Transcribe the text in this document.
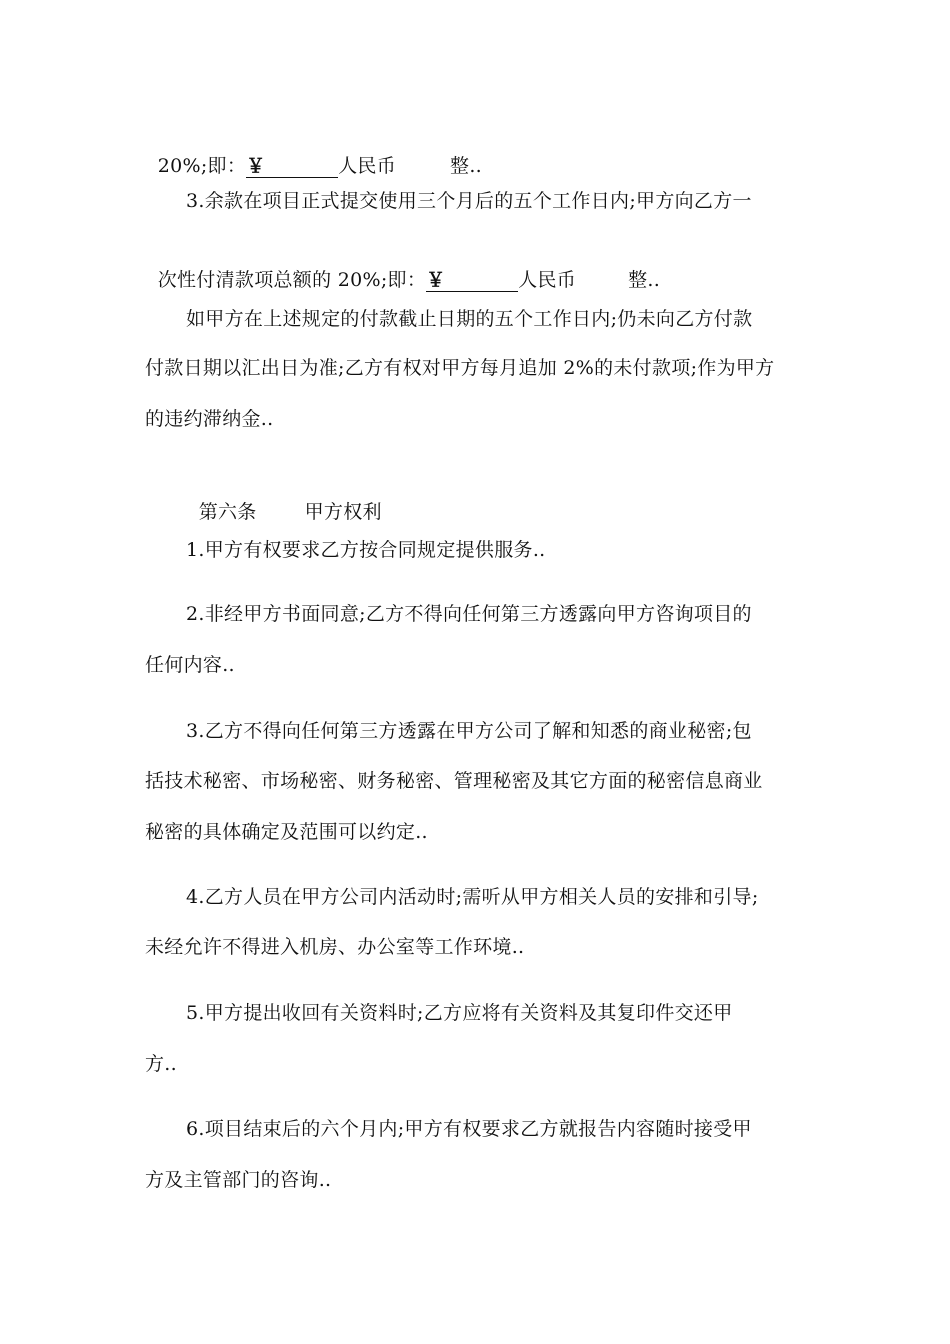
20%;即：￥	人民币	整..

3.余款在项目正式提交使用三个月后的五个工作日内;甲方向乙方一

次性付清款项总额的 20%;即：￥	人民币	整..

如甲方在上述规定的付款截止日期的五个工作日内;仍未向乙方付款
付款日期以汇出日为准;乙方有权对甲方每月追加 2%的未付款项;作为甲方
的违约滞纳金..

第六条	甲方权利

1.甲方有权要求乙方按合同规定提供服务..
2.非经甲方书面同意;乙方不得向任何第三方透露向甲方咨询项目的
任何内容..
3.乙方不得向任何第三方透露在甲方公司了解和知悉的商业秘密;包
括技术秘密、市场秘密、财务秘密、管理秘密及其它方面的秘密信息商业
秘密的具体确定及范围可以约定..
4.乙方人员在甲方公司内活动时;需听从甲方相关人员的安排和引导;
未经允许不得进入机房、办公室等工作环境..
5.甲方提出收回有关资料时;乙方应将有关资料及其复印件交还甲
方..
6.项目结束后的六个月内;甲方有权要求乙方就报告内容随时接受甲
方及主管部门的咨询..
